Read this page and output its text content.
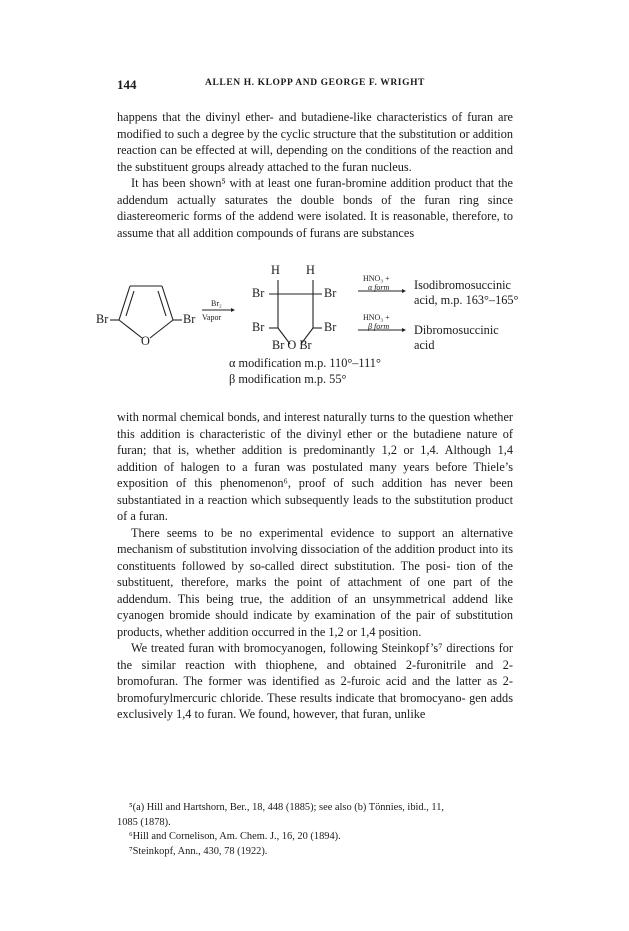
144	ALLEN H. KLOPP AND GEORGE F. WRIGHT

happens that the divinyl ether- and butadiene-like characteristics of furan are modified to such a degree by the cyclic structure that the substitution or addition reaction can be effected at will, depending on the conditions of the reaction and the substituent groups already attached to the furan nucleus.

It has been shown⁵ with at least one furan-bromine addition product that the addendum actually saturates the double bonds of the furan ring since diastereomeric forms of the addend were isolated. It is reasonable, therefore, to assume that all addition compounds of furans are substances

H H
Br	Br
O
Br₂
Vapor
Br	Br
Br	Br
Br O Br
HNO₃ +
α form
HNO₃ +
β form
Isodibromosuccinic
acid, m.p. 163°–165°
Dibromosuccinic
acid
α modification m.p. 110°–111°
β modification m.p. 55°

with normal chemical bonds, and interest naturally turns to the question whether this addition is characteristic of the divinyl ether or the butadiene nature of furan; that is, whether addition is predominantly 1,2 or 1,4. Although 1,4 addition of halogen to a furan was postulated many years before Thiele’s exposition of this phenomenon⁶, proof of such addition has never been substantiated in a reaction which subsequently leads to the substitution product of a furan.

There seems to be no experimental evidence to support an alternative mechanism of substitution involving dissociation of the addition product into its constituents followed by so-called direct substitution. The posi- tion of the substituent, therefore, marks the point of attachment of one part of the addendum. This being true, the addition of an unsymmetrical addend like cyanogen bromide should indicate by examination of the pair of substitution products, whether addition occurred in the 1,2 or 1,4 position.

We treated furan with bromocyanogen, following Steinkopf’s⁷ directions for the similar reaction with thiophene, and obtained 2-furonitrile and 2- bromofuran. The former was identified as 2-furoic acid and the latter as 2-bromofurylmercuric chloride. These results indicate that bromocyano- gen adds exclusively 1,4 to furan. We found, however, that furan, unlike

⁵(a) Hill and Hartshorn, Ber., 18, 448 (1885); see also (b) Tönnies, ibid., 11,
1085 (1878).
⁶Hill and Cornelison, Am. Chem. J., 16, 20 (1894).
⁷Steinkopf, Ann., 430, 78 (1922).
